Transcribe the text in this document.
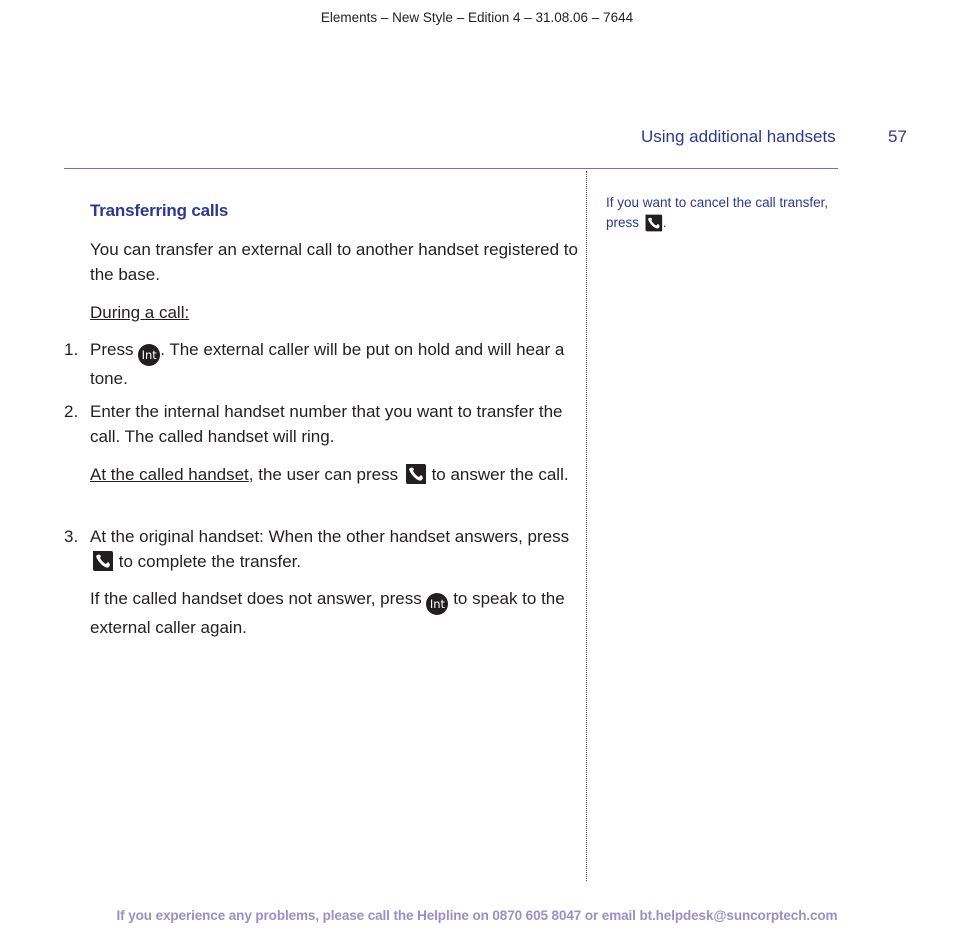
Elements – New Style – Edition 4 – 31.08.06 – 7644
Using additional handsets	57
Transferring calls
You can transfer an external call to another handset registered to the base.
During a call:
1. Press Int . The external caller will be put on hold and will hear a tone.
2. Enter the internal handset number that you want to transfer the call. The called handset will ring.
At the called handset, the user can press to answer the call.
3. At the original handset: When the other handset answers, press  to complete the transfer.
If the called handset does not answer, press Int to speak to the external caller again.
If you want to cancel the call transfer, press .
If you experience any problems, please call the Helpline on 0870 605 8047 or email bt.helpdesk@suncorptech.com
